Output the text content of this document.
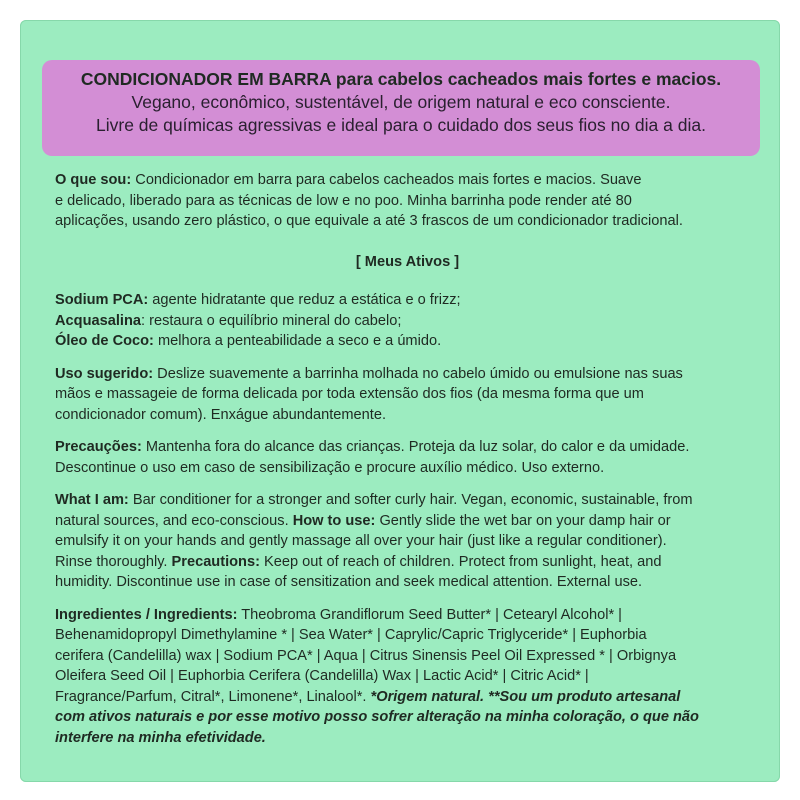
CONDICIONADOR EM BARRA para cabelos cacheados mais fortes e macios.
Vegano, econômico, sustentável, de origem natural e eco consciente.
Livre de químicas agressivas e ideal para o cuidado dos seus fios no dia a dia.

O que sou: Condicionador em barra para cabelos cacheados mais fortes e macios. Suave
e delicado, liberado para as técnicas de low e no poo. Minha barrinha pode render até 80
aplicações, usando zero plástico, o que equivale a até 3 frascos de um condicionador tradicional.

[ Meus Ativos ]

Sodium PCA: agente hidratante que reduz a estática e o frizz;
Acquasalina: restaura o equilíbrio mineral do cabelo;
Óleo de Coco: melhora a penteabilidade a seco e a úmido.

Uso sugerido: Deslize suavemente a barrinha molhada no cabelo úmido ou emulsione nas suas
mãos e massageie de forma delicada por toda extensão dos fios (da mesma forma que um
condicionador comum). Enxágue abundantemente.

Precauções: Mantenha fora do alcance das crianças. Proteja da luz solar, do calor e da umidade.
Descontinue o uso em caso de sensibilização e procure auxílio médico. Uso externo.

What I am: Bar conditioner for a stronger and softer curly hair. Vegan, economic, sustainable, from
natural sources, and eco-conscious. How to use: Gently slide the wet bar on your damp hair or
emulsify it on your hands and gently massage all over your hair (just like a regular conditioner).
Rinse thoroughly. Precautions: Keep out of reach of children. Protect from sunlight, heat, and
humidity. Discontinue use in case of sensitization and seek medical attention. External use.

Ingredientes / Ingredients: Theobroma Grandiflorum Seed Butter* | Cetearyl Alcohol* |
Behenamidopropyl Dimethylamine * | Sea Water* | Caprylic/Capric Triglyceride* | Euphorbia
cerifera (Candelilla) wax | Sodium PCA* | Aqua | Citrus Sinensis Peel Oil Expressed * | Orbignya
Oleifera Seed Oil | Euphorbia Cerifera (Candelilla) Wax | Lactic Acid* | Citric Acid* |
Fragrance/Parfum, Citral*, Limonene*, Linalool*. *Origem natural. **Sou um produto artesanal
com ativos naturais e por esse motivo posso sofrer alteração na minha coloração, o que não
interfere na minha efetividade.
